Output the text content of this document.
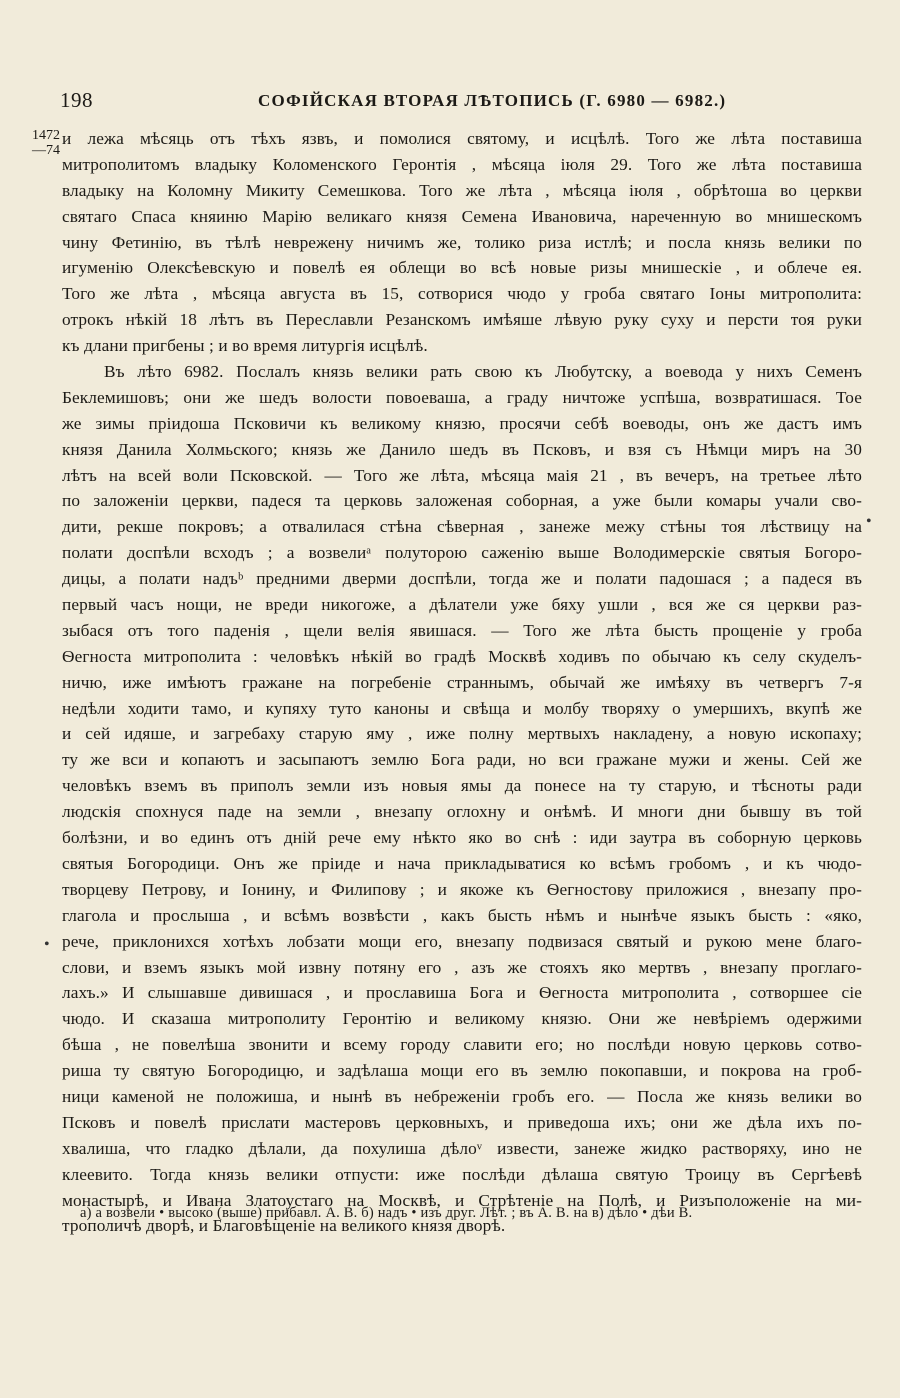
198	СОФІЙСКАЯ ВТОРАЯ ЛѢТОПИСЬ (Г. 6980 — 6982.)
1472
—74
•
•
и лежа мѣсяць отъ тѣхъ язвъ, и помолися святому, и исцѣлѣ. Того же лѣта поставиша
митрополитомъ владыку Коломенского Геронтія , мѣсяца іюля 29. Того же лѣта поставиша
владыку на Коломну Микиту Семешкова. Того же лѣта , мѣсяца іюля , обрѣтоша во церкви
святаго Спаса княиню Марію великаго князя Семена Ивановича, нареченную во мнишескомъ
чину Фетинію, въ тѣлѣ невреженy ничимъ же, толико риза истлѣ; и посла князь велики по
игуменію Олексѣевскую и повелѣ ея облещи во всѣ новые ризы мнишескіе , и облече ея.
Того же лѣта , мѣсяца августа въ 15, сотворися чюдо у гроба святаго Іоны митрополита:
отрокъ нѣкій 18 лѣтъ въ Переславли Резанскомъ имѣяше лѣвую руку суху и персти тоя руки
къ длани пригбены ; и во время литургія исцѣлѣ.
Въ лѣто 6982. Послалъ князь велики рать свою къ Любутску, а воевода у нихъ Семенъ
Беклемишовъ; они же шедъ волости повоеваша, а граду ничтоже успѣша, возвратишася. Тое
же зимы пріидоша Псковичи къ великому князю, просячи себѣ воеводы, онъ же дастъ имъ
князя Данила Холмьского; князь же Данило шедъ въ Псковъ, и взя съ Нѣмци миръ на 30
лѣтъ на всей воли Псковской. — Того же лѣта, мѣсяца маія 21 , въ вечеръ, на третьее лѣто
по заложеніи церкви, падеся та церковь заложеная соборная, а уже были комары учали сво-
дити, рекше покровъ; а отвалилася стѣна сѣверная , занеже межу стѣны тоя лѣствицу на
полати доспѣли всходъ ; а возвелиᵃ полуторою саженію выше Володимерскіе святыя Богоро-
дицы, а полати надъᵇ предними дверми доспѣли, тогда же и полати падошася ; а падеся въ
первый часъ нощи, не вреди никогоже, а дѣлатели уже бяху ушли , вся же ся церкви раз-
зыбася отъ того паденія , щели велія явишася. — Того же лѣта бысть прощеніе у гроба
Ѳегноста митрополита : человѣкъ нѣкій во градѣ Москвѣ ходивъ по обычаю къ селу скуделъ-
ничю, иже имѣютъ гражане на погребеніе страннымъ, обычай же имѣяху въ четвергъ 7-я
недѣли ходити тамо, и купяху туто каноны и свѣща и молбу творяху о умершихъ, вкупѣ же
и сей идяше, и загребаху старую яму , иже полну мертвыхъ накладену, а новую ископаху;
ту же вси и копаютъ и засыпаютъ землю Бога ради, но вси гражане мужи и жены. Сей же
человѣкъ вземъ въ приполъ земли изъ новыя ямы да понесе на ту старую, и тѣсноты ради
людскія спохнуся паде на земли , внезапу оглохну и онѣмѣ. И многи дни бывшу въ той
болѣзни, и во единъ отъ дній рече ему нѣкто яко во снѣ : иди заутра въ соборную церковь
святыя Богородици. Онъ же пріиде и нача прикладыватися ко всѣмъ гробомъ , и къ чюдо-
творцеву Петрову, и Іонину, и Филипову ; и якоже къ Ѳегностову приложися , внезапу про-
глагола и прослыша , и всѣмъ возвѣсти , какъ бысть нѣмъ и нынѣче языкъ бысть : «яко,
рече, приклонихся хотѣхъ лобзати мощи его, внезапу подвизася святый и рукою мене благо-
слови, и вземъ языкъ мой извну потяну его , азъ же стояхъ яко мертвъ , внезапу проглаго-
лахъ.» И слышавше дивишася , и прославиша Бога и Ѳегноста митрополита , сотворшее сіе
чюдо. И сказаша митрополиту Геронтію и великому князю. Они же невѣріемъ одержими
бѣша , не повелѣша звонити и всему городу славити его; но послѣди новую церковь сотво-
риша ту святую Богородицю, и задѣлаша мощи его въ землю покопавши, и покрова на гроб-
ници каменой не положиша, и нынѣ въ небреженіи гробъ его. — Посла же князь велики во
Псковъ и повелѣ прислати мастеровъ церковныхъ, и приведоша ихъ; они же дѣла ихъ по-
хвалиша, что гладко дѣлали, да похулиша дѣлоᵛ извести, занеже жидко растворяху, ино не
клеевито. Тогда князь велики отпусти: иже послѣди дѣлаша святую Троицу въ Сергѣевѣ
монастырѣ, и Ивана Златоустаго на Москвѣ, и Стрѣтеніе на Полѣ, и Ризъположеніе на ми-
трополичѣ дворѣ, и Благовѣщеніе на великого князя дворѣ.
а) а возвели • высоко (выше) прибавл. А. В. б) надъ • изъ друг. Лѣт. ; въ А. В. на в) дѣло • дѣи В.
